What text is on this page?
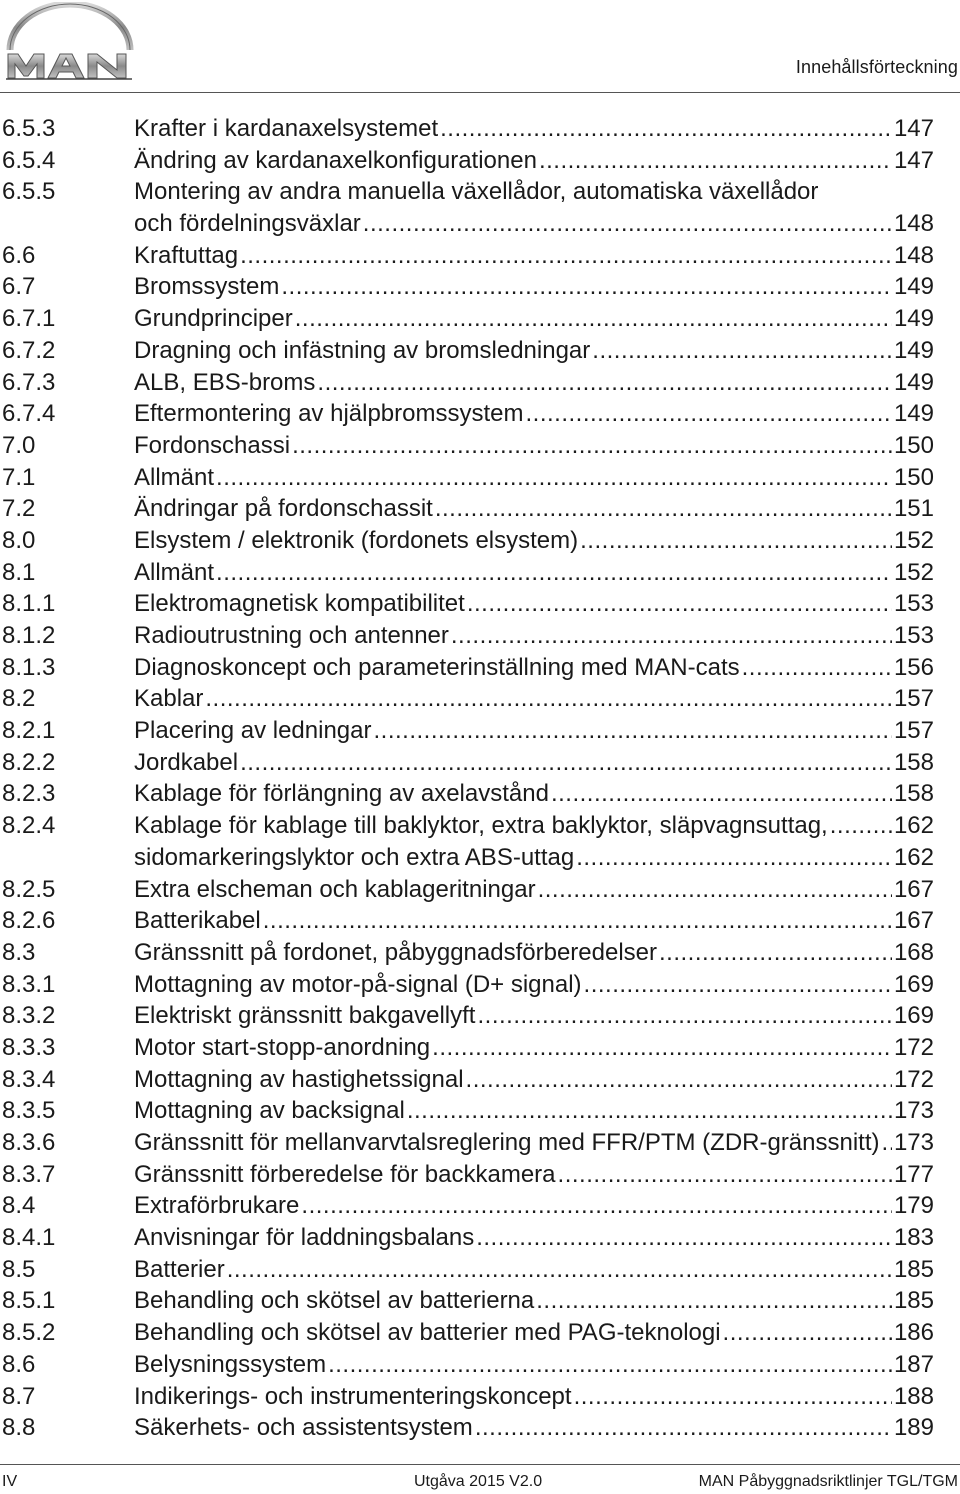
Innehållsförteckning
6.5.3	Krafter i kardanaxelsystemet .....	147
6.5.4	Ändring av kardanaxelkonfigurationen .....	147
6.5.5	Montering av andra manuella växellådor, automatiska växellådor
och fördelningsväxlar .....	148
6.6	Kraftuttag .....	148
6.7	Bromssystem .....	149
6.7.1	Grundprinciper .....	149
6.7.2	Dragning och infästning av bromsledningar .....	149
6.7.3	ALB, EBS-broms .....	149
6.7.4	Eftermontering av hjälpbromssystem .....	149
7.0	Fordonschassi .....	150
7.1	Allmänt .....	150
7.2	Ändringar på fordonschassit .....	151
8.0	Elsystem / elektronik (fordonets elsystem) .....	152
8.1	Allmänt .....	152
8.1.1	Elektromagnetisk kompatibilitet .....	153
8.1.2	Radioutrustning och antenner .....	153
8.1.3	Diagnoskoncept och parameterinställning med MAN-cats .....	156
8.2	Kablar .....	157
8.2.1	Placering av ledningar .....	157
8.2.2	Jordkabel .....	158
8.2.3	Kablage för förlängning av axelavstånd .....	158
8.2.4	Kablage för kablage till baklyktor, extra baklyktor, släpvagnsuttag, .....	162
sidomarkeringslyktor och extra ABS-uttag .....	162
8.2.5	Extra elscheman och kablageritningar .....	167
8.2.6	Batterikabel .....	167
8.3	Gränssnitt på fordonet, påbyggnadsförberedelser .....	168
8.3.1	Mottagning av motor-på-signal (D+ signal) .....	169
8.3.2	Elektriskt gränssnitt bakgavellyft .....	169
8.3.3	Motor start-stopp-anordning .....	172
8.3.4	Mottagning av hastighetssignal .....	172
8.3.5	Mottagning av backsignal .....	173
8.3.6	Gränssnitt för mellanvarvtalsreglering med FFR/PTM (ZDR-gränssnitt) ..... 173
8.3.7	Gränssnitt förberedelse för backkamera .....	177
8.4	Extraförbrukare .....	179
8.4.1	Anvisningar för laddningsbalans .....	183
8.5	Batterier .....	185
8.5.1	Behandling och skötsel av batterierna .....	185
8.5.2	Behandling och skötsel av batterier med PAG-teknologi .....	186
8.6	Belysningssystem .....	187
8.7	Indikerings- och instrumenteringskoncept .....	188
8.8	Säkerhets- och assistentsystem .....	189
IV	Utgåva 2015 V2.0	MAN Påbyggnadsriktlinjer TGL/TGM
